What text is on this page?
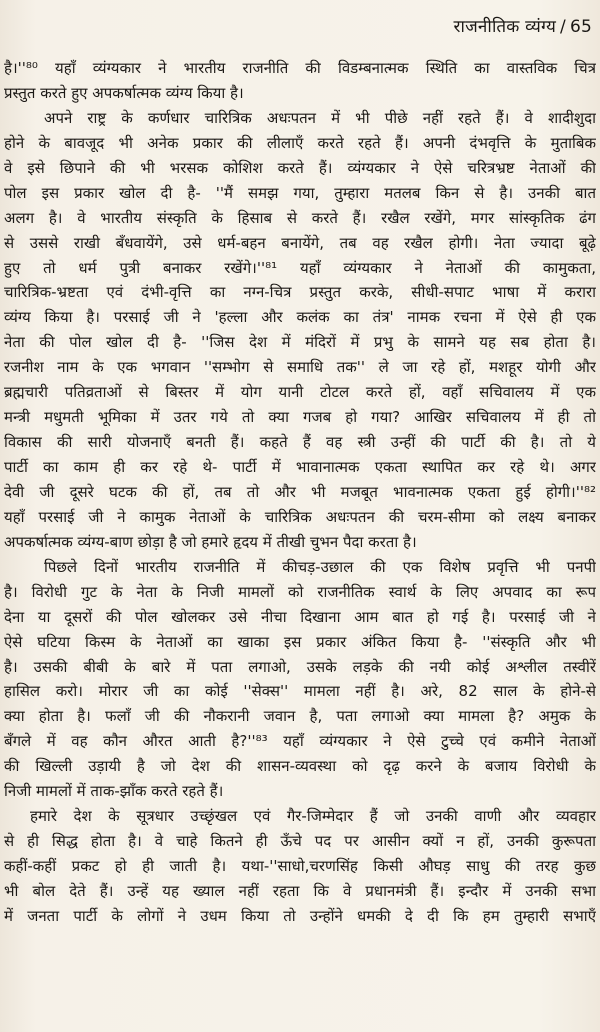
राजनीतिक व्यंग्य / 65
है।''⁸⁰ यहाँ व्यंग्यकार ने भारतीय राजनीति की विडम्बनात्मक स्थिति का वास्तविक चित्र
प्रस्तुत करते हुए अपकर्षात्मक व्यंग्य किया है।
अपने राष्ट्र के कर्णधार चारित्रिक अधःपतन में भी पीछे नहीं रहते हैं। वे शादीशुदा
होने के बावजूद भी अनेक प्रकार की लीलाएँ करते रहते हैं। अपनी दंभवृत्ति के मुताबिक
वे इसे छिपाने की भी भरसक कोशिश करते हैं। व्यंग्यकार ने ऐसे चरित्रभ्रष्ट नेताओं की
पोल इस प्रकार खोल दी है- ''मैं समझ गया, तुम्हारा मतलब किन से है। उनकी बात
अलग है। वे भारतीय संस्कृति के हिसाब से करते हैं। रखैल रखेंगे, मगर सांस्कृतिक ढंग
से उससे राखी बँधवायेंगे, उसे धर्म-बहन बनायेंगे, तब वह रखैल होगी। नेता ज्यादा बूढ़े
हुए तो धर्म पुत्री बनाकर रखेंगे।''⁸¹ यहाँ व्यंग्यकार ने नेताओं की कामुकता,
चारित्रिक-भ्रष्टता एवं दंभी-वृत्ति का नग्न-चित्र प्रस्तुत करके, सीधी-सपाट भाषा में करारा
व्यंग्य किया है। परसाई जी ने 'हल्ला और कलंक का तंत्र' नामक रचना में ऐसे ही एक
नेता की पोल खोल दी है- ''जिस देश में मंदिरों में प्रभु के सामने यह सब होता है।
रजनीश नाम के एक भगवान ''सम्भोग से समाधि तक'' ले जा रहे हों, मशहूर योगी और
ब्रह्मचारी पतिव्रताओं से बिस्तर में योग यानी टोटल करते हों, वहाँ सचिवालय में एक
मन्त्री मधुमती भूमिका में उतर गये तो क्या गजब हो गया? आखिर सचिवालय में ही तो
विकास की सारी योजनाएँ बनती हैं। कहते हैं वह स्त्री उन्हीं की पार्टी की है। तो ये
पार्टी का काम ही कर रहे थे- पार्टी में भावानात्मक एकता स्थापित कर रहे थे। अगर
देवी जी दूसरे घटक की हों, तब तो और भी मजबूत भावनात्मक एकता हुई होगी।''⁸²
यहाँ परसाई जी ने कामुक नेताओं के चारित्रिक अधःपतन की चरम-सीमा को लक्ष्य बनाकर
अपकर्षात्मक व्यंग्य-बाण छोड़ा है जो हमारे हृदय में तीखी चुभन पैदा करता है।
पिछले दिनों भारतीय राजनीति में कीचड़-उछाल की एक विशेष प्रवृत्ति भी पनपी
है। विरोधी गुट के नेता के निजी मामलों को राजनीतिक स्वार्थ के लिए अपवाद का रूप
देना या दूसरों की पोल खोलकर उसे नीचा दिखाना आम बात हो गई है। परसाई जी ने
ऐसे घटिया किस्म के नेताओं का खाका इस प्रकार अंकित किया है- ''संस्कृति और भी
है। उसकी बीबी के बारे में पता लगाओ, उसके लड़के की नयी कोई अश्लील तस्वीरें
हासिल करो। मोरार जी का कोई ''सेक्स'' मामला नहीं है। अरे, 82 साल के होने-से
क्या होता है। फलाँ जी की नौकरानी जवान है, पता लगाओ क्या मामला है? अमुक के
बँगले में वह कौन औरत आती है?''⁸³ यहाँ व्यंग्यकार ने ऐसे टुच्चे एवं कमीने नेताओं
की खिल्ली उड़ायी है जो देश की शासन-व्यवस्था को दृढ़ करने के बजाय विरोधी के
निजी मामलों में ताक-झाँक करते रहते हैं।
हमारे देश के सूत्रधार उच्छृंखल एवं गैर-जिम्मेदार हैं जो उनकी वाणी और व्यवहार
से ही सिद्ध होता है। वे चाहे कितने ही ऊँचे पद पर आसीन क्यों न हों, उनकी कुरूपता
कहीं-कहीं प्रकट हो ही जाती है। यथा-''साधो,चरणसिंह किसी औघड़ साधु की तरह कुछ
भी बोल देते हैं। उन्हें यह ख्याल नहीं रहता कि वे प्रधानमंत्री हैं। इन्दौर में उनकी सभा
में जनता पार्टी के लोगों ने उधम किया तो उन्होंने धमकी दे दी कि हम तुम्हारी सभाएँ
